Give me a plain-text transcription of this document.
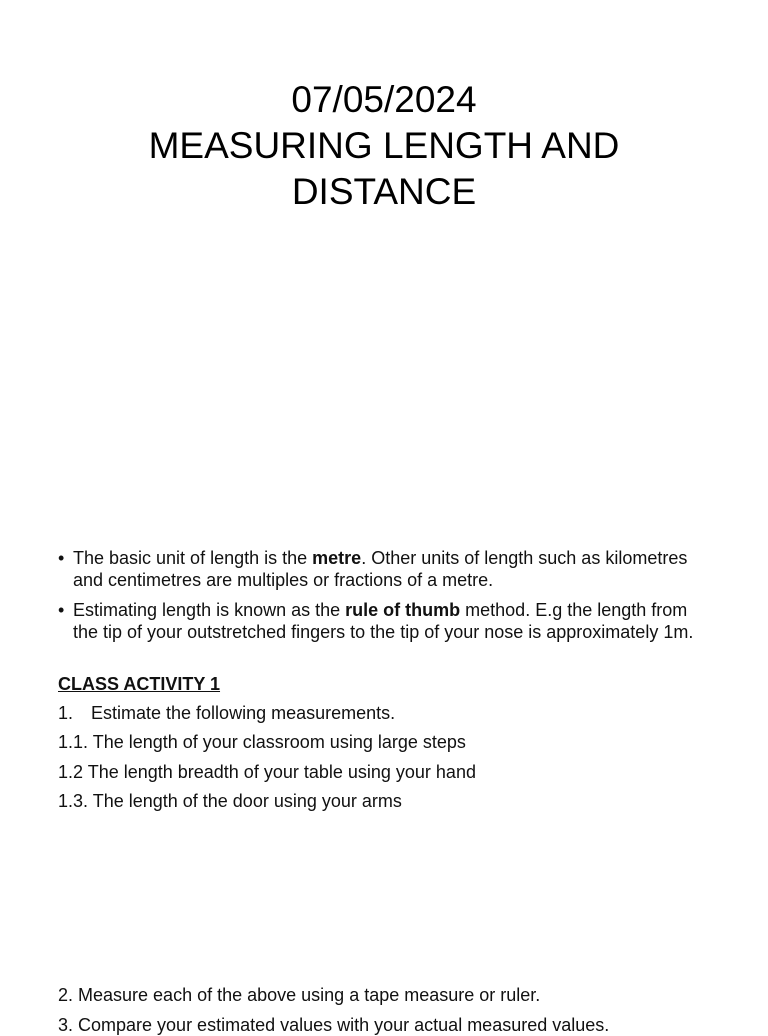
07/05/2024
MEASURING LENGTH AND
DISTANCE
• The basic unit of length is the metre. Other units of length such as kilometres and centimetres are multiples or fractions of a metre.
• Estimating length is known as the rule of thumb method. E.g the length from the tip of your outstretched fingers to the tip of your nose is approximately 1m.
CLASS ACTIVITY 1
1. Estimate the following measurements.
1.1. The length of your classroom using large steps
1.2 The length breadth of your table using your hand
1.3. The length of the door using your arms
2. Measure each of the above using a tape measure or ruler.
3. Compare your estimated values with your actual measured values.
